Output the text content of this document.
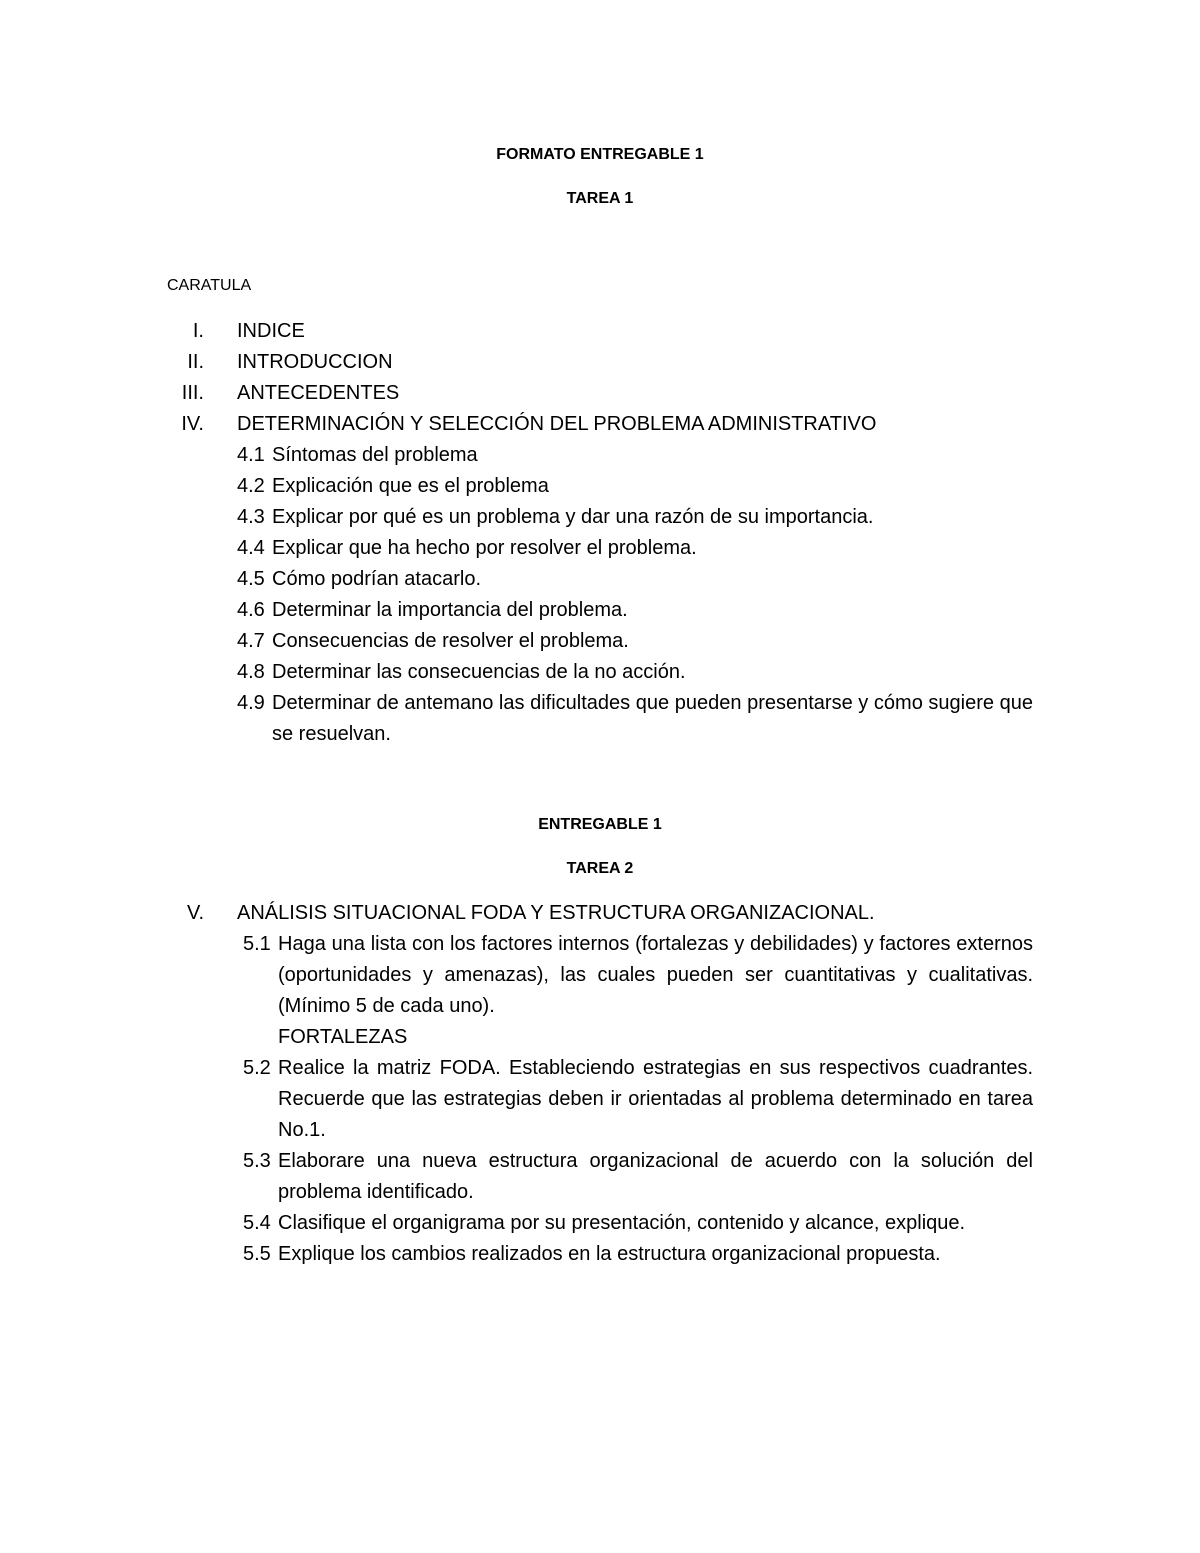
FORMATO ENTREGABLE 1
TAREA 1
CARATULA
I. INDICE
II. INTRODUCCION
III. ANTECEDENTES
IV. DETERMINACIÓN Y SELECCIÓN DEL PROBLEMA ADMINISTRATIVO
4.1 Síntomas del problema
4.2 Explicación que es el problema
4.3 Explicar por qué es un problema y dar una razón de su importancia.
4.4 Explicar que ha hecho por resolver el problema.
4.5 Cómo podrían atacarlo.
4.6 Determinar la importancia del problema.
4.7 Consecuencias de resolver el problema.
4.8 Determinar las consecuencias de la no acción.
4.9 Determinar de antemano las dificultades que pueden presentarse y cómo sugiere que se resuelvan.
ENTREGABLE 1
TAREA 2
V. ANÁLISIS SITUACIONAL FODA Y ESTRUCTURA ORGANIZACIONAL.
5.1 Haga una lista con los factores internos (fortalezas y debilidades) y factores externos (oportunidades y amenazas), las cuales pueden ser cuantitativas y cualitativas. (Mínimo 5 de cada uno).
FORTALEZAS
5.2 Realice la matriz FODA. Estableciendo estrategias en sus respectivos cuadrantes. Recuerde que las estrategias deben ir orientadas al problema determinado en tarea No.1.
5.3 Elaborare una nueva estructura organizacional de acuerdo con la solución del problema identificado.
5.4 Clasifique el organigrama por su presentación, contenido y alcance, explique.
5.5 Explique los cambios realizados en la estructura organizacional propuesta.
